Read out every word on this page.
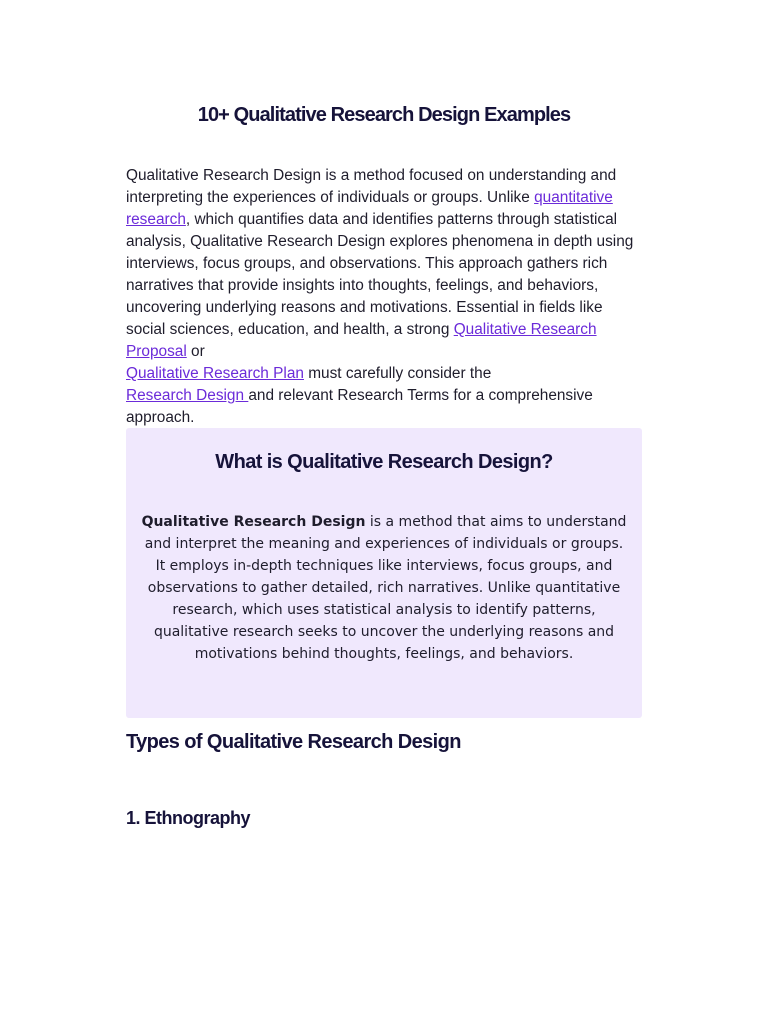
10+ Qualitative Research Design Examples

Qualitative Research Design is a method focused on understanding and interpreting the experiences of individuals or groups. Unlike quantitative research, which quantifies data and identifies patterns through statistical analysis, Qualitative Research Design explores phenomena in depth using interviews, focus groups, and observations. This approach gathers rich narratives that provide insights into thoughts, feelings, and behaviors, uncovering underlying reasons and motivations. Essential in fields like social sciences, education, and health, a strong Qualitative Research Proposal or
Qualitative Research Plan must carefully consider the
Research Design and relevant Research Terms for a comprehensive approach.

What is Qualitative Research Design?

Qualitative Research Design is a method that aims to understand and interpret the meaning and experiences of individuals or groups. It employs in-depth techniques like interviews, focus groups, and observations to gather detailed, rich narratives. Unlike quantitative research, which uses statistical analysis to identify patterns, qualitative research seeks to uncover the underlying reasons and motivations behind thoughts, feelings, and behaviors.

Types of Qualitative Research Design
1. Ethnography
